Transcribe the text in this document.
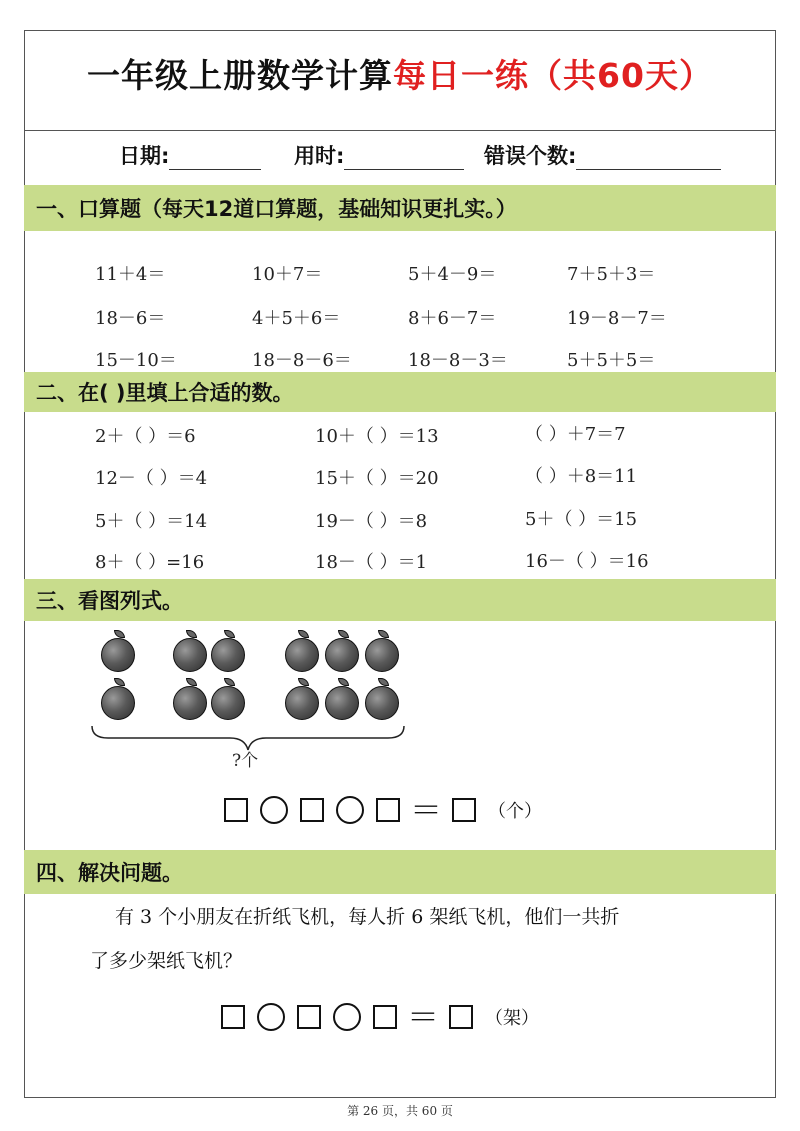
一年级上册数学计算每日一练（共60天）
日期:	用时:	错误个数:
一、口算题（每天12道口算题，基础知识更扎实。）
11＋4＝	10＋7＝	5＋4－9＝	7＋5＋3＝
18－6＝	4＋5＋6＝	8＋6－7＝	19－8－7＝
15－10＝	18－8－6＝	18－8－3＝	5＋5＋5＝
二、在( )里填上合适的数。
2＋（ ）＝6	10＋（ ）＝13	（ ）＋7＝7
12－（ ）＝4	15＋（ ）＝20	（ ）＋8＝11
5＋（ ）＝14	19－（ ）＝8	5＋（ ）＝15
8＋（ ）=16	18－（ ）＝1	16－（ ）＝16
三、看图列式。
?个
＝	（个）
四、解决问题。
有 3 个小朋友在折纸飞机，每人折 6 架纸飞机，他们一共折
了多少架纸飞机？
＝	（架）
第 26 页，共 60 页
